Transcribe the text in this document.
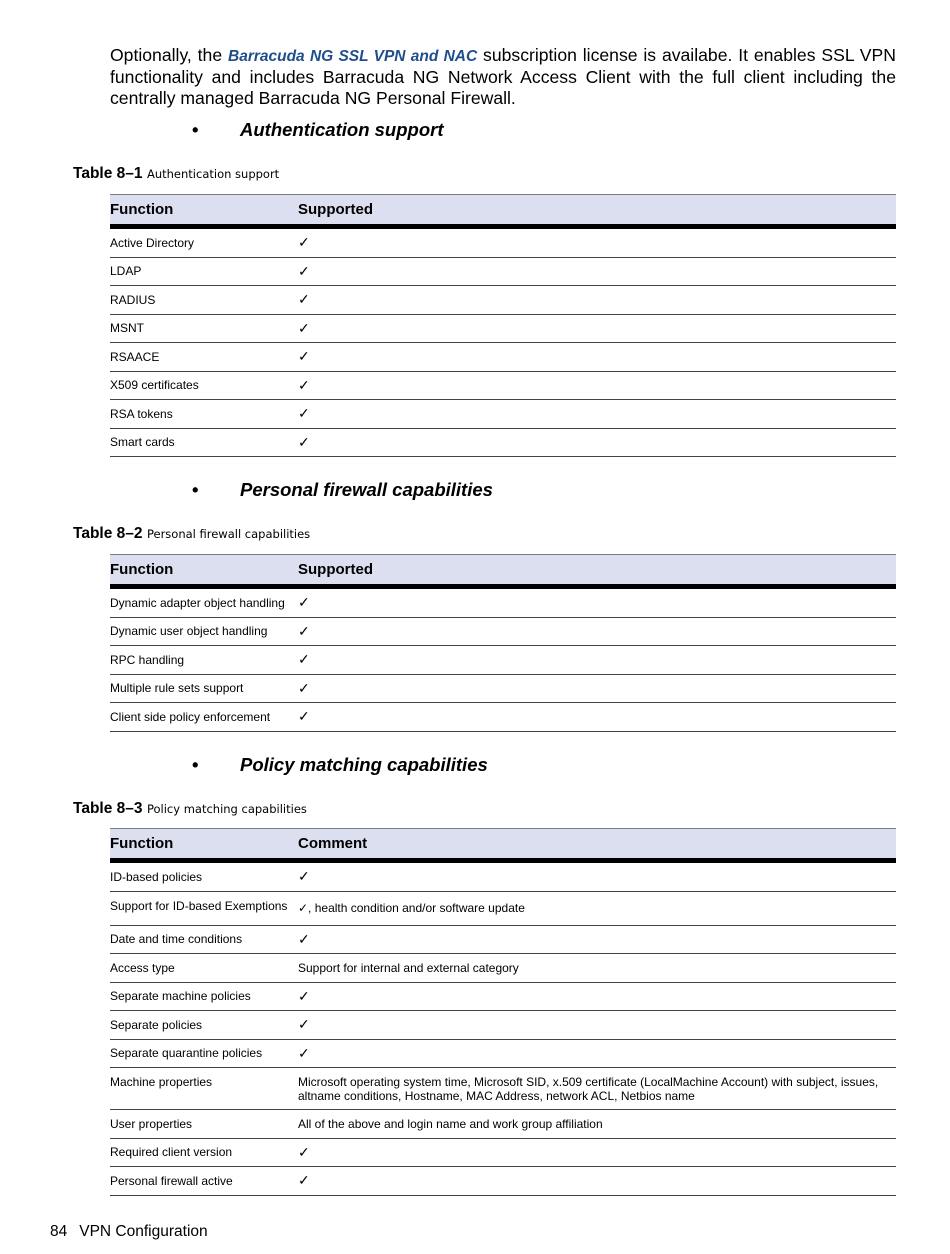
Optionally, the Barracuda NG SSL VPN and NAC subscription license is availabe. It enables SSL VPN functionality and includes Barracuda NG Network Access Client with the full client including the centrally managed Barracuda NG Personal Firewall.

• Authentication support

Table 8–1 Authentication support

Function	Supported
Active Directory	✓
LDAP	✓
RADIUS	✓
MSNT	✓
RSAACE	✓
X509 certificates	✓
RSA tokens	✓
Smart cards	✓

• Personal firewall capabilities

Table 8–2 Personal firewall capabilities

Function	Supported
Dynamic adapter object handling	✓
Dynamic user object handling	✓
RPC handling	✓
Multiple rule sets support	✓
Client side policy enforcement	✓

• Policy matching capabilities

Table 8–3 Policy matching capabilities

Function	Comment
ID-based policies	✓
Support for ID-based Exemptions	✓, health condition and/or software update
Date and time conditions	✓
Access type	Support for internal and external category
Separate machine policies	✓
Separate policies	✓
Separate quarantine policies	✓
Machine properties	Microsoft operating system time, Microsoft SID, x.509 certificate (LocalMachine Account) with subject, issues, altname conditions, Hostname, MAC Address, network ACL, Netbios name
User properties	All of the above and login name and work group affiliation
Required client version	✓
Personal firewall active	✓

84 VPN Configuration
